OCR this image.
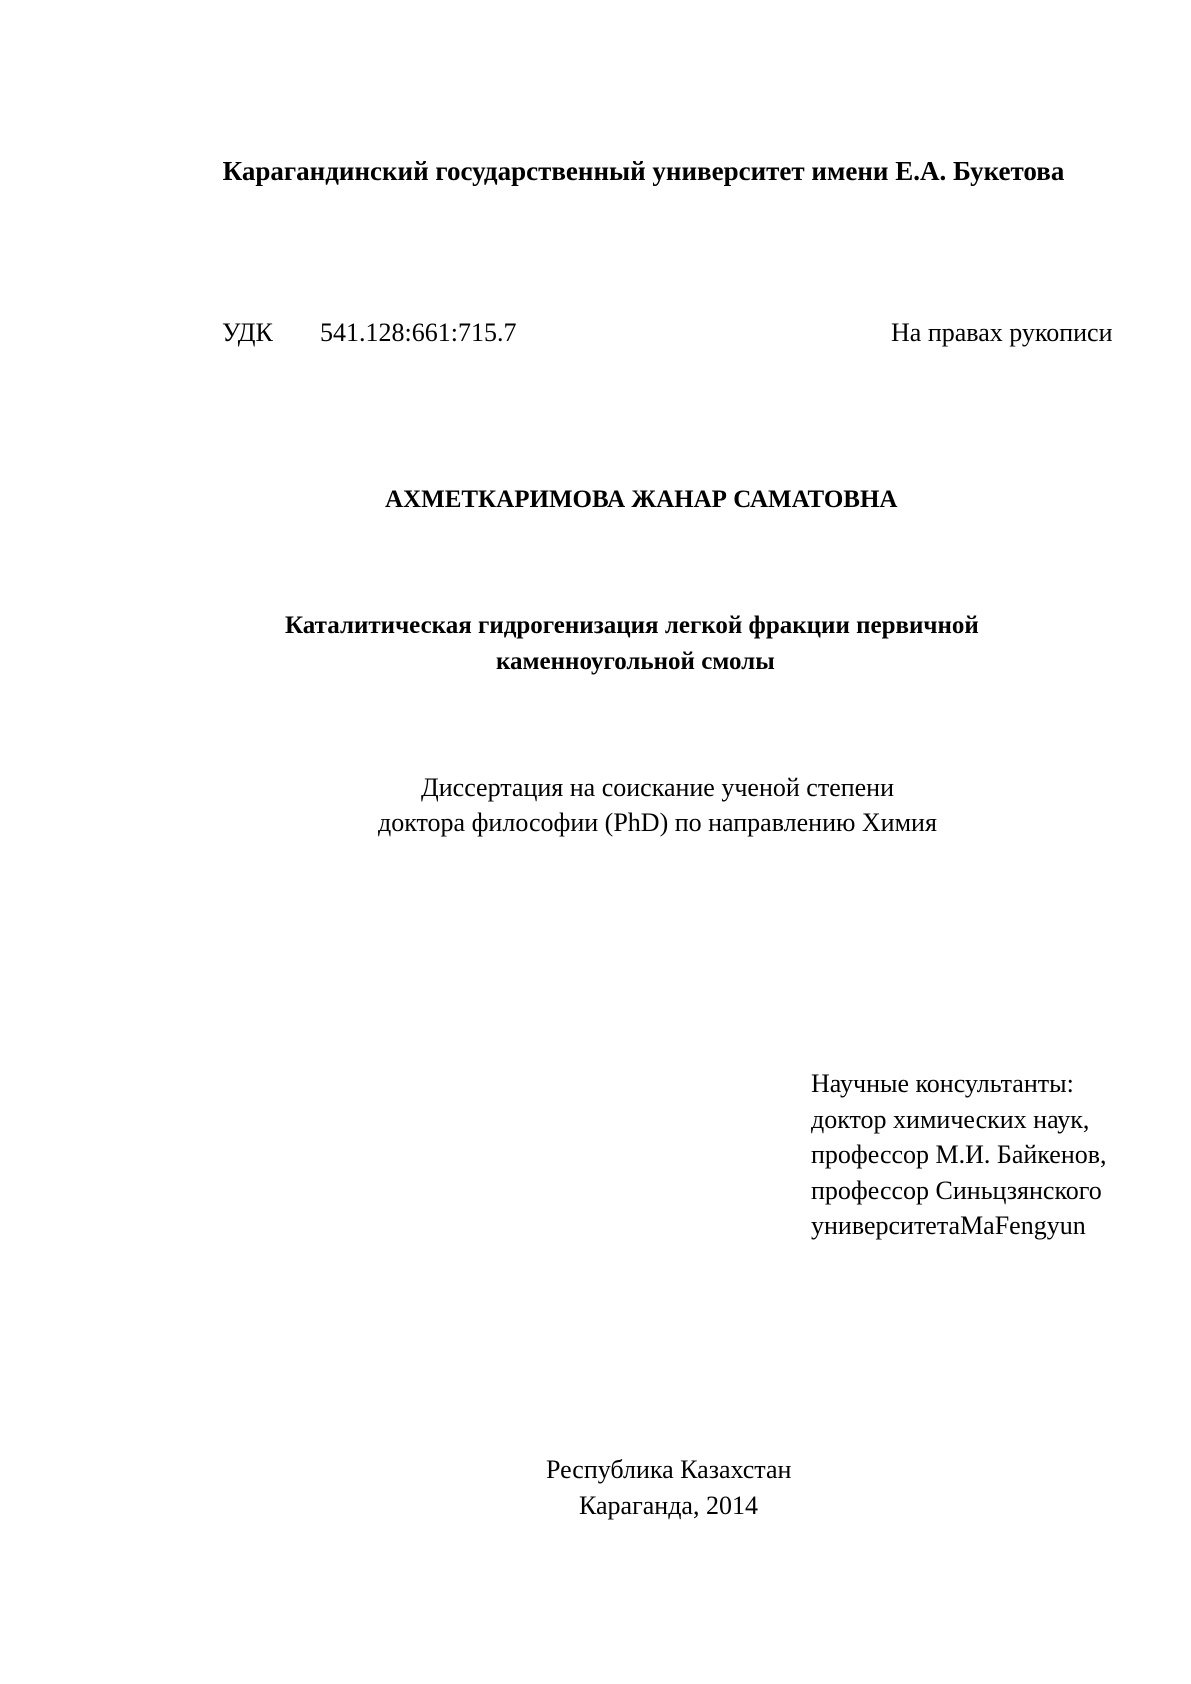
Карагандинский государственный университет имени Е.А. Букетова
УДК 541.128:661:715.7	На правах рукописи
АХМЕТКАРИМОВА ЖАНАР САМАТОВНА
Каталитическая гидрогенизация легкой фракции первичной
каменноугольной смолы
Диссертация на соискание ученой степени
доктора философии (PhD) по направлению Химия
Научные консультанты:
доктор химических наук,
профессор М.И. Байкенов,
профессор Синьцзянского
университетаMaFengyun
Республика Казахстан
Караганда, 2014
